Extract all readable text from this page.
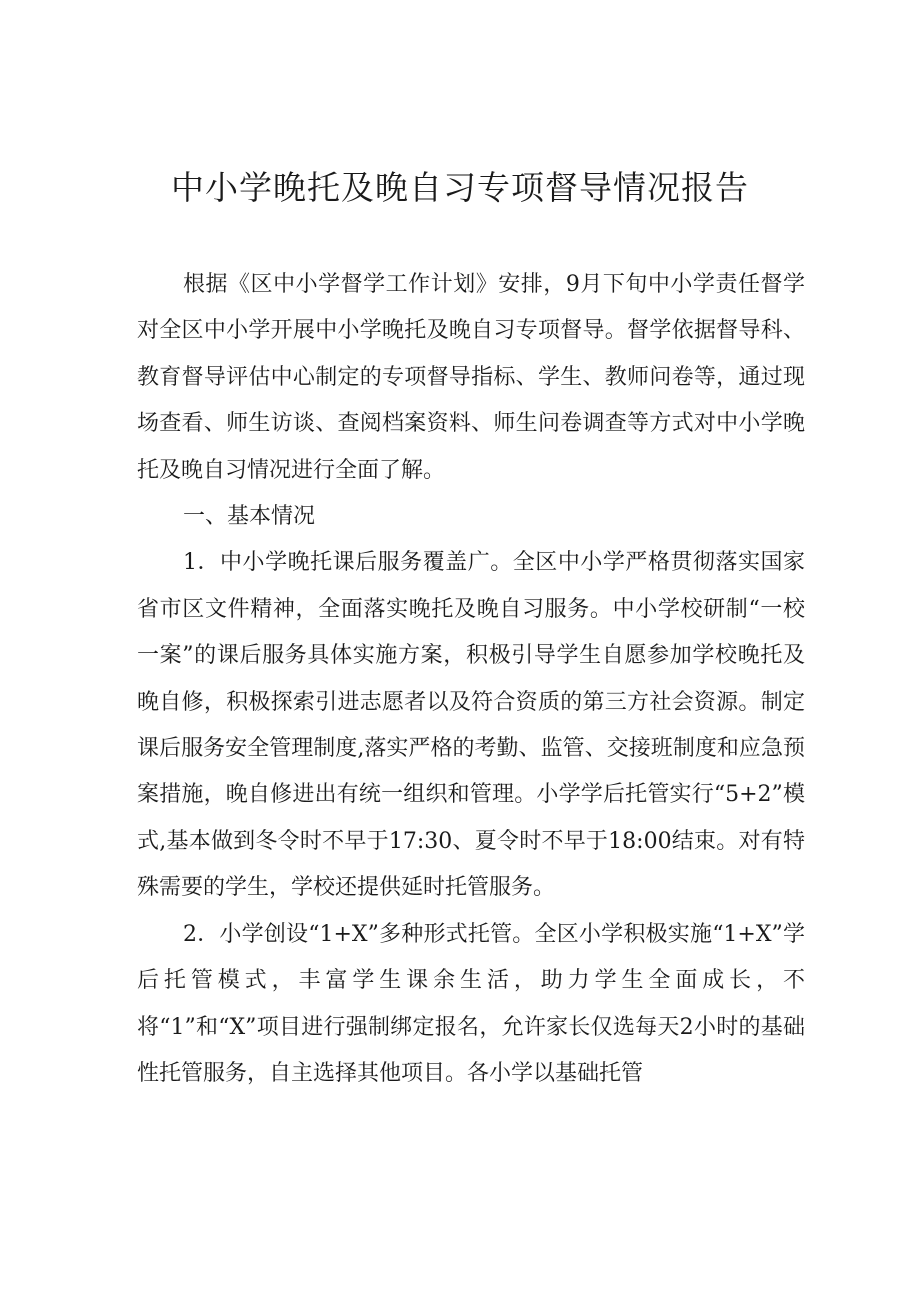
中小学晚托及晚自习专项督导情况报告

根据《区中小学督学工作计划》安排，9月下旬中小学责任督学对全区中小学开展中小学晚托及晚自习专项督导。督学依据督导科、教育督导评估中心制定的专项督导指标、学生、教师问卷等，通过现场查看、师生访谈、查阅档案资料、师生问卷调查等方式对中小学晚托及晚自习情况进行全面了解。

一、基本情况

1．中小学晚托课后服务覆盖广。全区中小学严格贯彻落实国家省市区文件精神，全面落实晚托及晚自习服务。中小学校研制“一校一案”的课后服务具体实施方案，积极引导学生自愿参加学校晚托及晚自修，积极探索引进志愿者以及符合资质的第三方社会资源。制定课后服务安全管理制度,落实严格的考勤、监管、交接班制度和应急预案措施，晚自修进出有统一组织和管理。小学学后托管实行“5+2”模式,基本做到冬令时不早于17:30、夏令时不早于18:00结束。对有特殊需要的学生，学校还提供延时托管服务。

2．小学创设“1+X”多种形式托管。全区小学积极实施“1+X”学后托管模式，丰富学生课余生活，助力学生全面成长，不将“1”和“X”项目进行强制绑定报名，允许家长仅选每天2小时的基础性托管服务，自主选择其他项目。各小学以基础托管
